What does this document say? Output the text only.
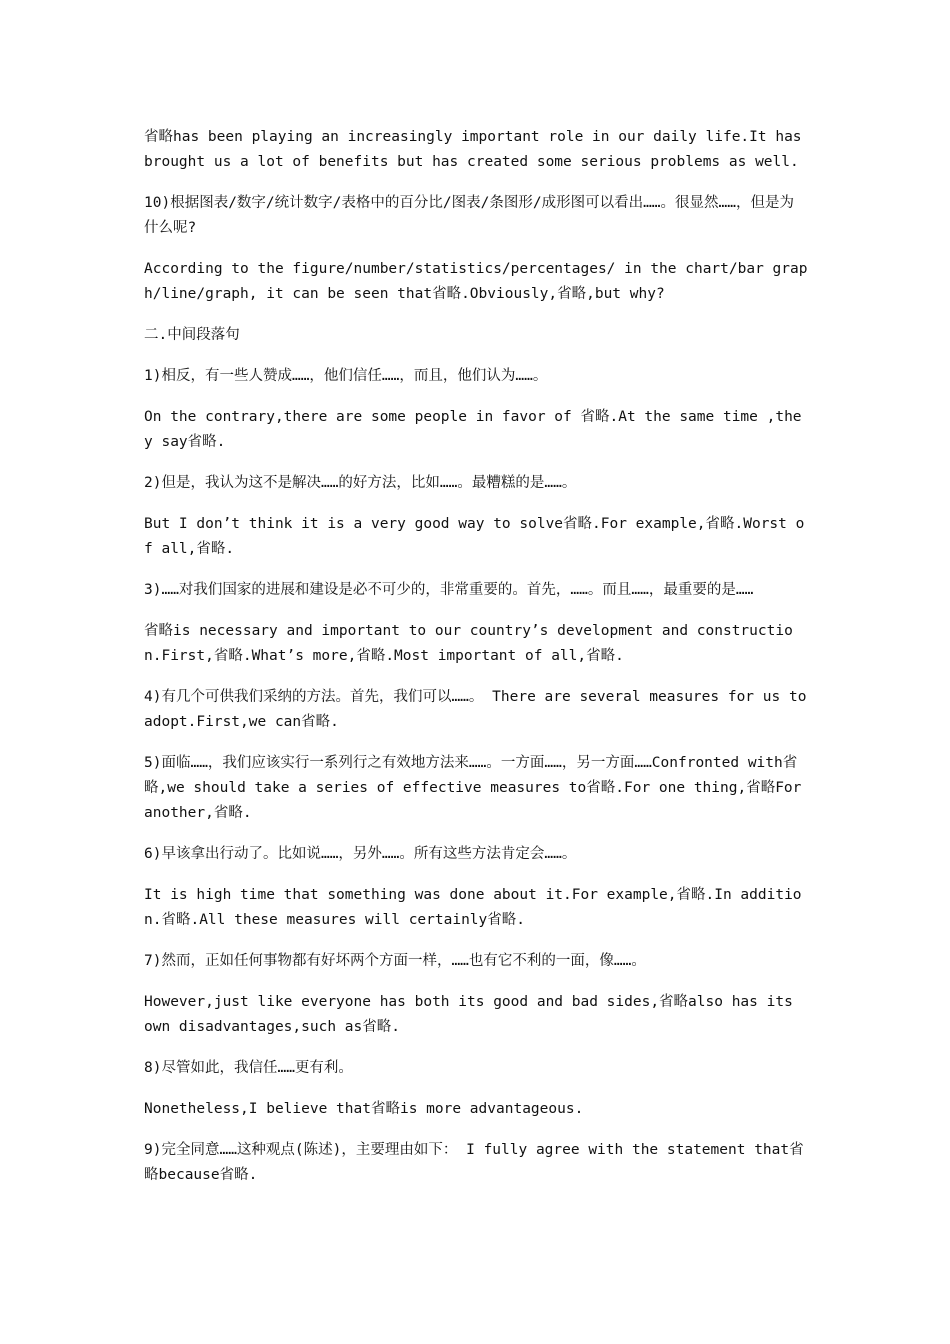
省略has been playing an increasingly important role in our daily life.It has brought us a lot of benefits but has created some serious problems as well.

10)根据图表/数字/统计数字/表格中的百分比/图表/条图形/成形图可以看出……。很显然……，但是为什么呢?

According to the figure/number/statistics/percentages/ in the chart/bar graph/line/graph, it can be seen that省略.Obviously,省略,but why?

二.中间段落句

1)相反，有一些人赞成……，他们信任……，而且，他们认为……。

On the contrary,there are some people in favor of 省略.At the same time ,they say省略.

2)但是，我认为这不是解决……的好方法，比如……。最糟糕的是……。

But I don’t think it is a very good way to solve省略.For example,省略.Worst of all,省略.

3)……对我们国家的进展和建设是必不可少的，非常重要的。首先，……。而且……，最重要的是……

省略is necessary and important to our country’s development and construction.First,省略.What’s more,省略.Most important of all,省略.

4)有几个可供我们采纳的方法。首先，我们可以……。 There are several measures for us to adopt.First,we can省略.

5)面临……，我们应该实行一系列行之有效地方法来……。一方面……，另一方面……Confronted with省略,we should take a series of effective measures to省略.For one thing,省略For another,省略.

6)早该拿出行动了。比如说……，另外……。所有这些方法肯定会……。

It is high time that something was done about it.For example,省略.In addition.省略.All these measures will certainly省略.

7)然而，正如任何事物都有好坏两个方面一样，……也有它不利的一面，像……。

However,just like everyone has both its good and bad sides,省略also has its own disadvantages,such as省略.

8)尽管如此，我信任……更有利。

Nonetheless,I believe that省略is more advantageous.

9)完全同意……这种观点(陈述)，主要理由如下： I fully agree with the statement that省略because省略.
